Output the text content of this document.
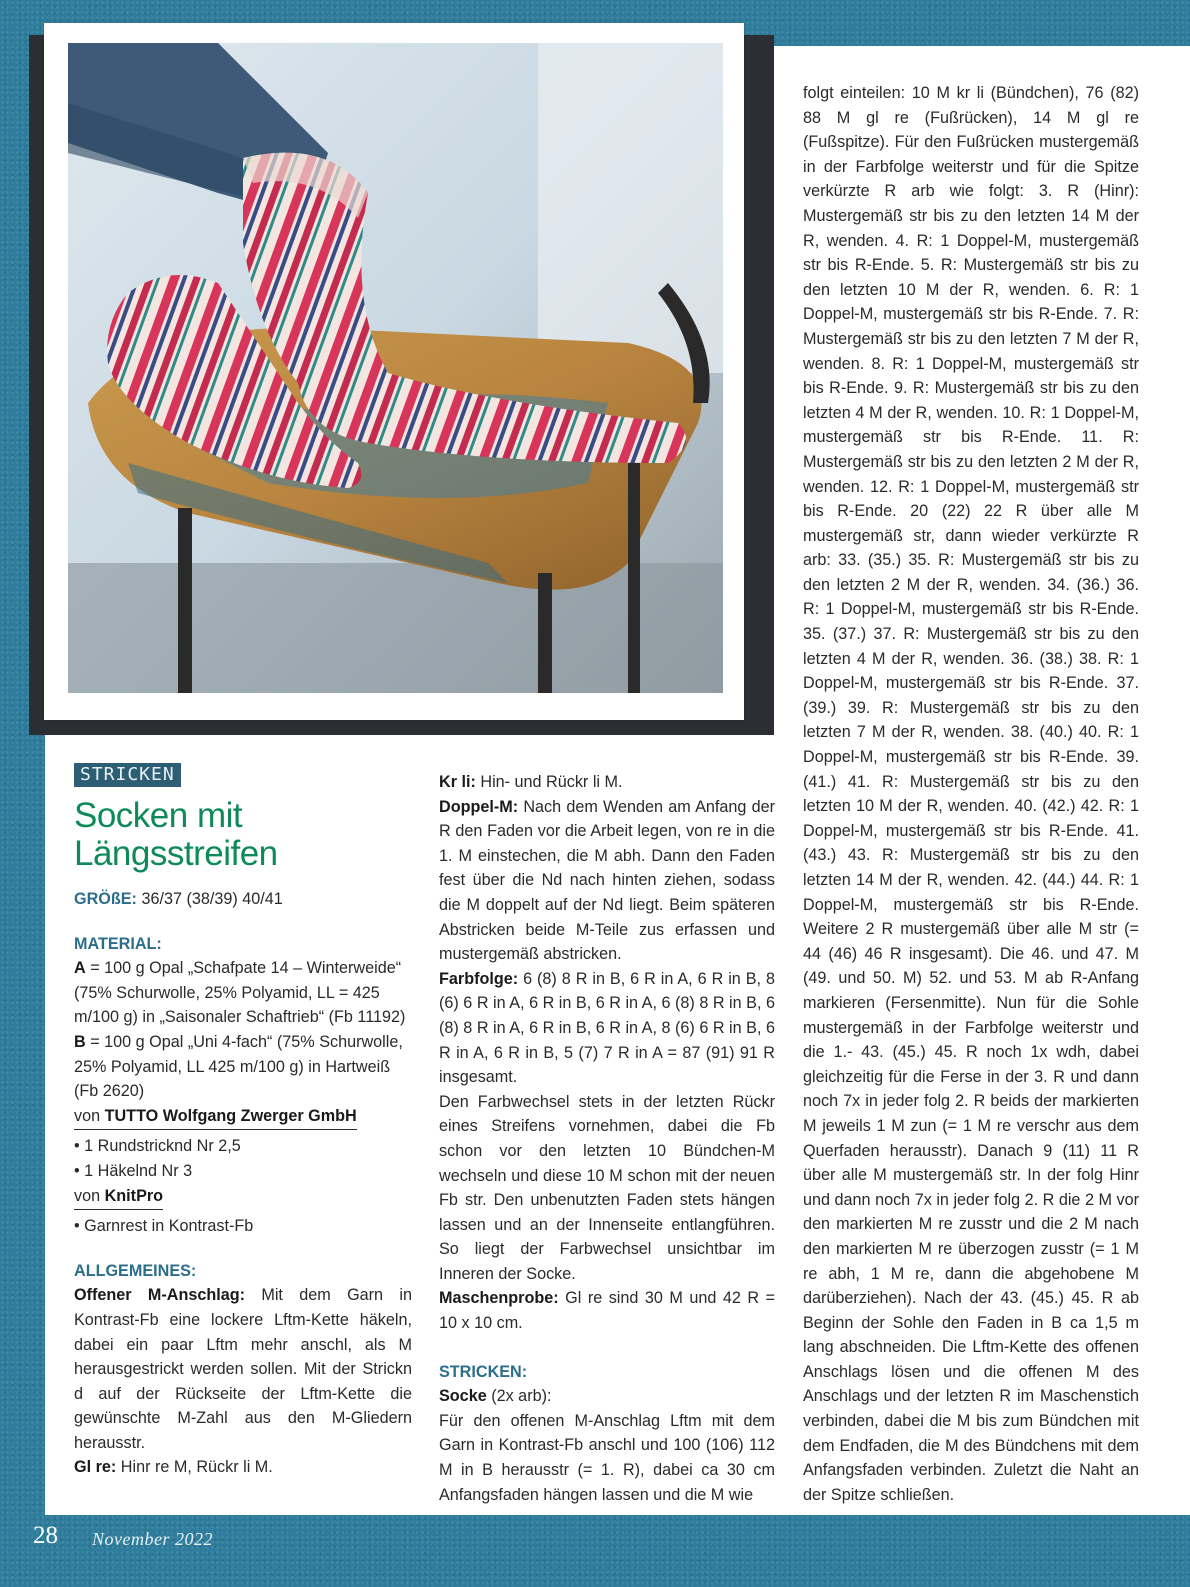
STRICKEN
Socken mit
Längsstreifen

GRÖßE: 36/37 (38/39) 40/41

MATERIAL:

A = 100 g Opal „Schafpate 14 – Winterweide“ (75% Schurwolle, 25% Polyamid, LL = 425 m/100 g) in „Saisonaler Schaftrieb“ (Fb 11192)

B = 100 g Opal „Uni 4-fach“ (75% Schurwolle, 25% Polyamid, LL 425 m/100 g) in Hartweiß (Fb 2620)

von TUTTO Wolfgang Zwerger GmbH

• 1 Rundstricknd Nr 2,5

• 1 Häkelnd Nr 3

von KnitPro

• Garnrest in Kontrast-Fb

ALLGEMEINES:

Offener M-Anschlag: Mit dem Garn in Kontrast-Fb eine lockere Lftm-Kette häkeln, dabei ein paar Lftm mehr anschl, als M herausgestrickt werden sollen. Mit der Strickn d auf der Rückseite der Lftm-Kette die gewünschte M-Zahl aus den M-Gliedern herausstr.

Gl re: Hinr re M, Rückr li M.

Kr li: Hin- und Rückr li M.

Doppel-M: Nach dem Wenden am Anfang der R den Faden vor die Arbeit legen, von re in die 1. M einstechen, die M abh. Dann den Faden fest über die Nd nach hinten ziehen, sodass die M doppelt auf der Nd liegt. Beim späteren Abstricken beide M-Teile zus erfassen und mustergemäß abstricken.

Farbfolge: 6 (8) 8 R in B, 6 R in A, 6 R in B, 8 (6) 6 R in A, 6 R in B, 6 R in A, 6 (8) 8 R in B, 6 (8) 8 R in A, 6 R in B, 6 R in A, 8 (6) 6 R in B, 6 R in A, 6 R in B, 5 (7) 7 R in A = 87 (91) 91 R insgesamt.

Den Farbwechsel stets in der letzten Rückr eines Streifens vornehmen, dabei die Fb schon vor den letzten 10 Bündchen-M wechseln und diese 10 M schon mit der neuen Fb str. Den unbenutzten Faden stets hängen lassen und an der Innenseite entlangführen. So liegt der Farbwechsel unsichtbar im Inneren der Socke.

Maschenprobe: Gl re sind 30 M und 42 R = 10 x 10 cm.

STRICKEN:

Socke (2x arb):

Für den offenen M-Anschlag Lftm mit dem Garn in Kontrast-Fb anschl und 100 (106) 112 M in B herausstr (= 1. R), dabei ca 30 cm Anfangsfaden hängen lassen und die M wie

folgt einteilen: 10 M kr li (Bündchen), 76 (82) 88 M gl re (Fußrücken), 14 M gl re (Fußspitze). Für den Fußrücken mustergemäß in der Farbfolge weiterstr und für die Spitze verkürzte R arb wie folgt: 3. R (Hinr): Mustergemäß str bis zu den letzten 14 M der R, wenden. 4. R: 1 Doppel-M, mustergemäß str bis R-Ende. 5. R: Mustergemäß str bis zu den letzten 10 M der R, wenden. 6. R: 1 Doppel-M, mustergemäß str bis R-Ende. 7. R: Mustergemäß str bis zu den letzten 7 M der R, wenden. 8. R: 1 Doppel-M, mustergemäß str bis R-Ende. 9. R: Mustergemäß str bis zu den letzten 4 M der R, wenden. 10. R: 1 Doppel-M, mustergemäß str bis R-Ende. 11. R: Mustergemäß str bis zu den letzten 2 M der R, wenden. 12. R: 1 Doppel-M, mustergemäß str bis R-Ende. 20 (22) 22 R über alle M mustergemäß str, dann wieder verkürzte R arb: 33. (35.) 35. R: Mustergemäß str bis zu den letzten 2 M der R, wenden. 34. (36.) 36. R: 1 Doppel-M, mustergemäß str bis R-Ende. 35. (37.) 37. R: Mustergemäß str bis zu den letzten 4 M der R, wenden. 36. (38.) 38. R: 1 Doppel-M, mustergemäß str bis R-Ende. 37. (39.) 39. R: Mustergemäß str bis zu den letzten 7 M der R, wenden. 38. (40.) 40. R: 1 Doppel-M, mustergemäß str bis R-Ende. 39. (41.) 41. R: Mustergemäß str bis zu den letzten 10 M der R, wenden. 40. (42.) 42. R: 1 Doppel-M, mustergemäß str bis R-Ende. 41. (43.) 43. R: Mustergemäß str bis zu den letzten 14 M der R, wenden. 42. (44.) 44. R: 1 Doppel-M, mustergemäß str bis R-Ende. Weitere 2 R mustergemäß über alle M str (= 44 (46) 46 R insgesamt). Die 46. und 47. M (49. und 50. M) 52. und 53. M ab R-Anfang markieren (Fersenmitte). Nun für die Sohle mustergemäß in der Farbfolge weiterstr und die 1.- 43. (45.) 45. R noch 1x wdh, dabei gleichzeitig für die Ferse in der 3. R und dann noch 7x in jeder folg 2. R beids der markierten M jeweils 1 M zun (= 1 M re verschr aus dem Querfaden herausstr). Danach 9 (11) 11 R über alle M mustergemäß str. In der folg Hinr und dann noch 7x in jeder folg 2. R die 2 M vor den markierten M re zusstr und die 2 M nach den markierten M re überzogen zusstr (= 1 M re abh, 1 M re, dann die abgehobene M darüberziehen). Nach der 43. (45.) 45. R ab Beginn der Sohle den Faden in B ca 1,5 m lang abschneiden. Die Lftm-Kette des offenen Anschlags lösen und die offenen M des Anschlags und der letzten R im Maschenstich verbinden, dabei die M bis zum Bündchen mit dem Endfaden, die M des Bündchens mit dem Anfangsfaden verbinden. Zuletzt die Naht an der Spitze schließen.

28 November 2022
